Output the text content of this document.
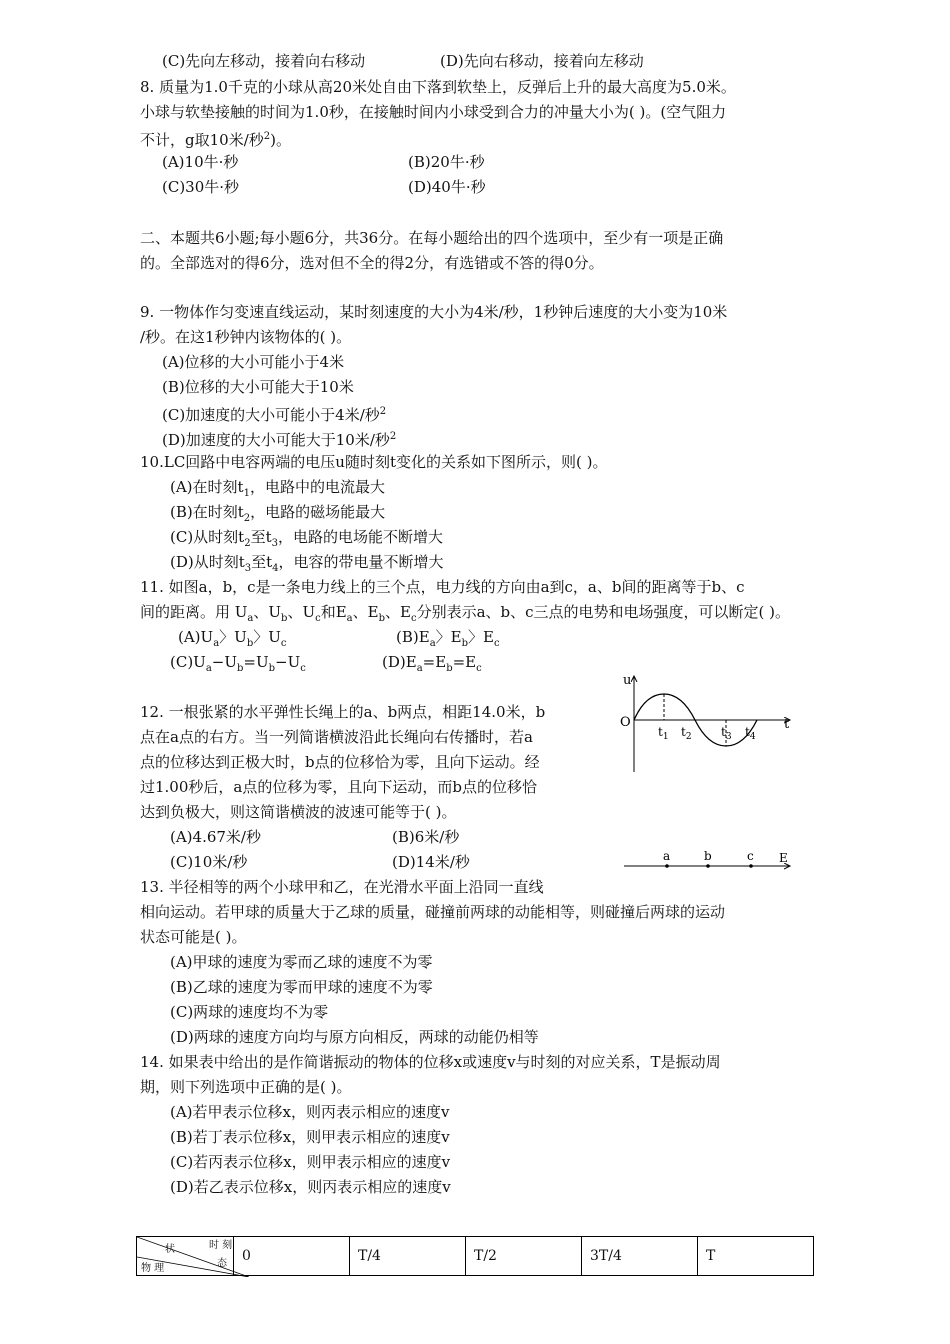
(C)先向左移动，接着向右移动	(D)先向右移动，接着向左移动
8. 质量为1.0千克的小球从高20米处自由下落到软垫上，反弹后上升的最大高度为5.0米。
小球与软垫接触的时间为1.0秒，在接触时间内小球受到合力的冲量大小为( )。(空气阻力
不计，g取10米/秒$^2$)。
(A)10牛·秒	(B)20牛·秒
(C)30牛·秒	(D)40牛·秒
二、本题共6小题;每小题6分，共36分。在每小题给出的四个选项中，至少有一项是正确
的。全部选对的得6分，选对但不全的得2分，有选错或不答的得0分。
9. 一物体作匀变速直线运动，某时刻速度的大小为4米/秒，1秒钟后速度的大小变为10米
/秒。在这1秒钟内该物体的( )。
(A)位移的大小可能小于4米
(B)位移的大小可能大于10米
(C)加速度的大小可能小于4米/秒$^2$
(D)加速度的大小可能大于10米/秒$^2$
10.LC回路中电容两端的电压u随时刻t变化的关系如下图所示，则( )。
(A)在时刻$t_1$，电路中的电流最大
(B)在时刻$t_2$，电路的磁场能最大
(C)从时刻$t_2$至$t_3$，电路的电场能不断增大
(D)从时刻$t_3$至$t_4$，电容的带电量不断增大
11. 如图a，b，c是一条电力线上的三个点，电力线的方向由a到c，a、b间的距离等于b、c
间的距离。用 $U_a$、$U_b$、$U_c$和$E_a$、$E_b$、$E_c$分别表示a、b、c三点的电势和电场强度，可以断定( )。
$(A)U_a$〉$U_b$〉$U_c$	$(B)E_a$〉$E_b$〉$E_c$
$(C)U_a-U_b=U_b-U_c$	$(D)E_a=E_b=E_c$
12. 一根张紧的水平弹性长绳上的a、b两点，相距14.0米，b
点在a点的右方。当一列简谐横波沿此长绳向右传播时，若a
点的位移达到正极大时，b点的位移恰为零，且向下运动。经
过1.00秒后，a点的位移为零，且向下运动，而b点的位移恰
达到负极大，则这简谐横波的波速可能等于( )。
(A)4.67米/秒	(B)6米/秒
(C)10米/秒	(D)14米/秒
13. 半径相等的两个小球甲和乙，在光滑水平面上沿同一直线
相向运动。若甲球的质量大于乙球的质量，碰撞前两球的动能相等，则碰撞后两球的运动
状态可能是( )。
(A)甲球的速度为零而乙球的速度不为零
(B)乙球的速度为零而甲球的速度不为零
(C)两球的速度均不为零
(D)两球的速度方向均与原方向相反，两球的动能仍相等
14. 如果表中给出的是作简谐振动的物体的位移x或速度v与时刻的对应关系，T是振动周
期，则下列选项中正确的是( )。
(A)若甲表示位移x，则丙表示相应的速度v
(B)若丁表示位移x，则甲表示相应的速度v
(C)若丙表示位移x，则甲表示相应的速度v
(D)若乙表示位移x，则丙表示相应的速度v
u
t
O
$t_1$ $t_2$ $t_3$ $t_4$
a	b	c E
时 刻
状
态
物 理
	0	T/4	T/2	3T/4	T
